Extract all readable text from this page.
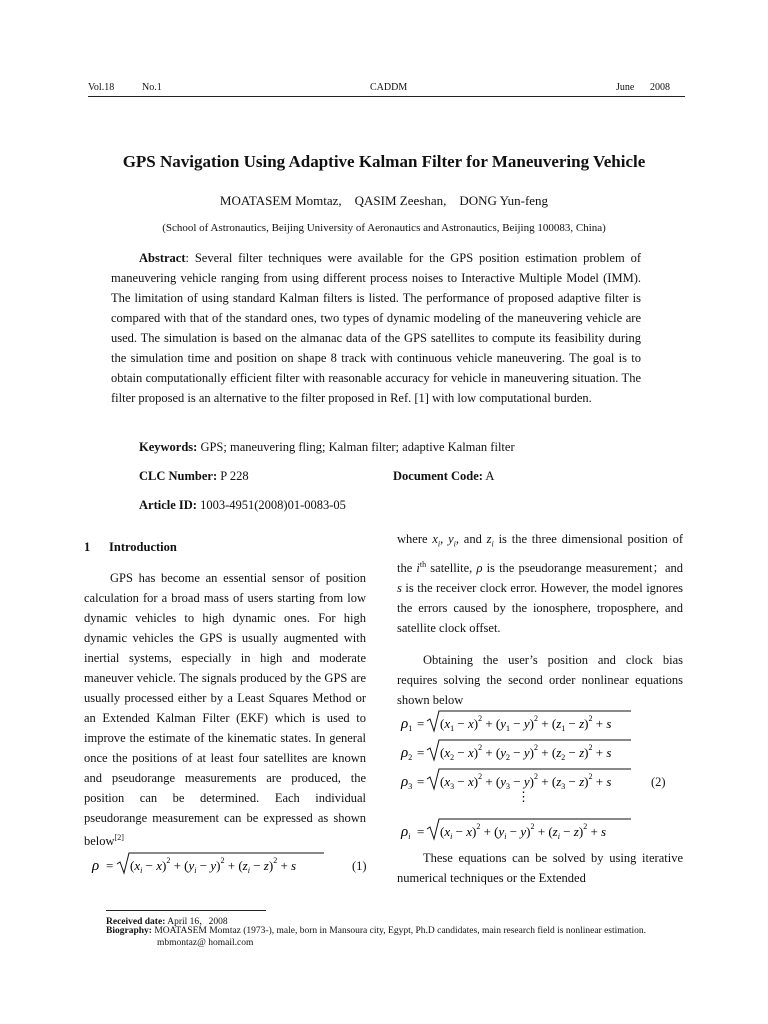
Vol.18	No.1	CADDM	June 2008
GPS Navigation Using Adaptive Kalman Filter for Maneuvering Vehicle
MOATASEM Momtaz,    QASIM Zeeshan,    DONG Yun-feng
(School of Astronautics, Beijing University of Aeronautics and Astronautics, Beijing 100083, China)
Abstract: Several filter techniques were available for the GPS position estimation problem of maneuvering vehicle ranging from using different process noises to Interactive Multiple Model (IMM). The limitation of using standard Kalman filters is listed. The performance of proposed adaptive filter is compared with that of the standard ones, two types of dynamic modeling of the maneuvering vehicle are used. The simulation is based on the almanac data of the GPS satellites to compute its feasibility during the simulation time and position on shape 8 track with continuous vehicle maneuvering. The goal is to obtain computationally efficient filter with reasonable accuracy for vehicle in maneuvering situation. The filter proposed is an alternative to the filter proposed in Ref. [1] with low computational burden.
Keywords: GPS; maneuvering fling; Kalman filter; adaptive Kalman filter
CLC Number: P 228	Document Code: A
Article ID: 1003-4951(2008)01-0083-05
1 Introduction
GPS has become an essential sensor of position calculation for a broad mass of users starting from low dynamic vehicles to high dynamic ones. For high dynamic vehicles the GPS is usually augmented with inertial systems, especially in high and moderate maneuver vehicle. The signals produced by the GPS are usually processed either by a Least Squares Method or an Extended Kalman Filter (EKF) which is used to improve the estimate of the kinematic states. In general once the positions of at least four satellites are known and pseudorange measurements are produced, the position can be determined. Each individual pseudorange measurement can be expressed as shown below[2]
$\rho = (x_i - x)^2 + (y_i - y)^2 + (z_i - z)^2 + s$	(1)
where $x_i$, $y_i$, and $z_i$ is the three dimensional position of the $i^{th}$ satellite, ρ is the pseudorange measurement；and s is the receiver clock error. However, the model ignores the errors caused by the ionosphere, troposphere, and satellite clock offset.
Obtaining the user’s position and clock bias requires solving the second order nonlinear equations shown below
$\rho_1 = (x_1 - x)^2 + (y_1 - y)^2 + (z_1 - z)^2 + s$
$\rho_2 = (x_2 - x)^2 + (y_2 - y)^2 + (z_2 - z)^2 + s$
$\rho_3 = (x_3 - x)^2 + (y_3 - y)^2 + (z_3 - z)^2 + s$
⋮
$\rho_i = (x_i - x)^2 + (y_i - y)^2 + (z_i - z)^2 + s$
(2)
These equations can be solved by using iterative numerical techniques or the Extended
Received date: April 16，2008
Biography: MOATASEM Momtaz (1973-), male, born in Mansoura city, Egypt, Ph.D candidates, main research field is nonlinear estimation.
mbmontaz@ homail.com
